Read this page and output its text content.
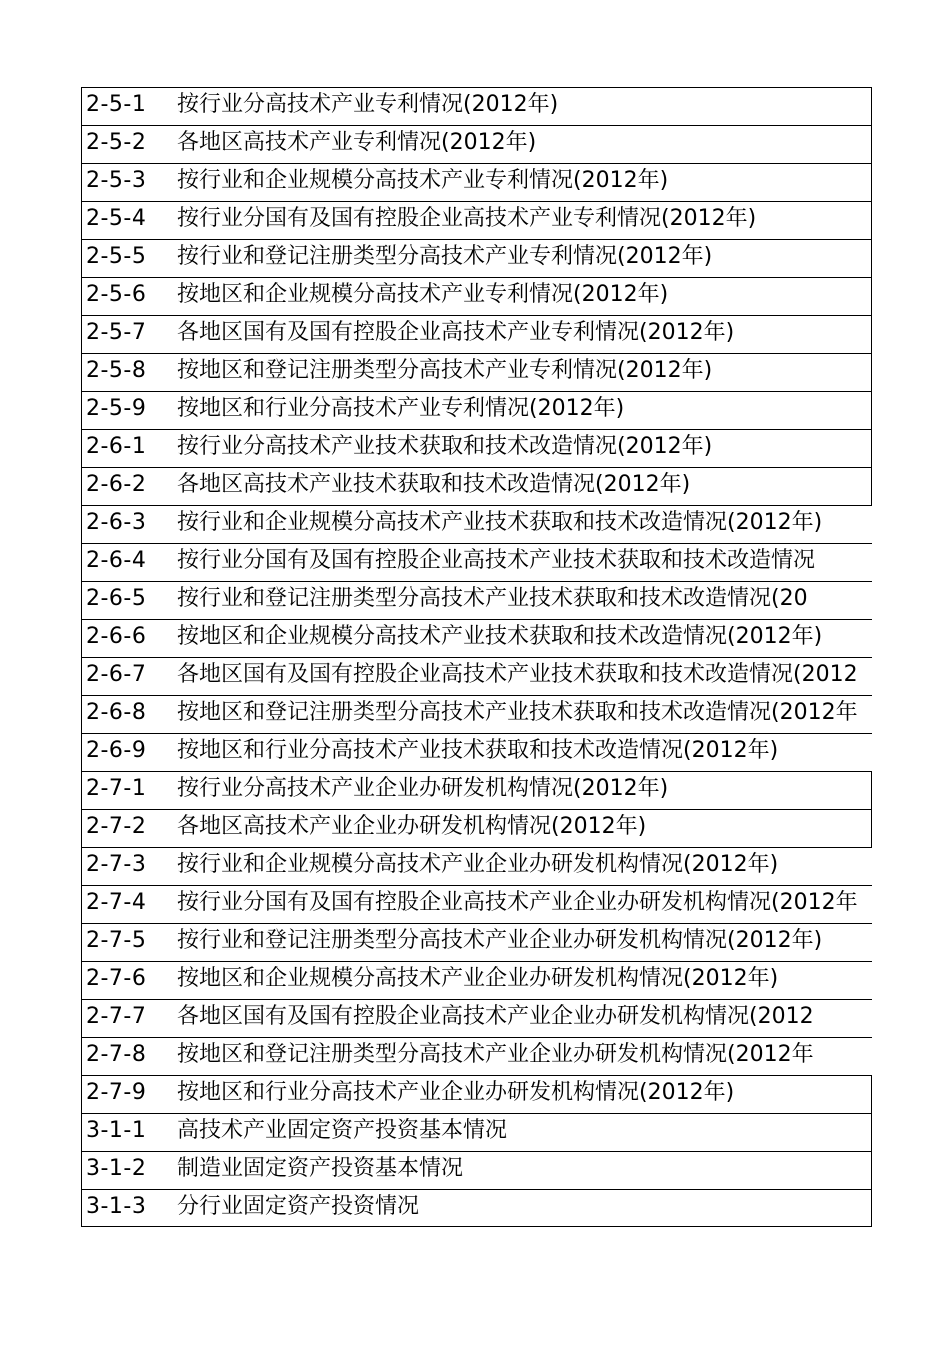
2-5-1 按行业分高技术产业专利情况(2012年)
2-5-2 各地区高技术产业专利情况(2012年)
2-5-3 按行业和企业规模分高技术产业专利情况(2012年)
2-5-4 按行业分国有及国有控股企业高技术产业专利情况(2012年)
2-5-5 按行业和登记注册类型分高技术产业专利情况(2012年)
2-5-6 按地区和企业规模分高技术产业专利情况(2012年)
2-5-7 各地区国有及国有控股企业高技术产业专利情况(2012年)
2-5-8 按地区和登记注册类型分高技术产业专利情况(2012年)
2-5-9 按地区和行业分高技术产业专利情况(2012年)
2-6-1 按行业分高技术产业技术获取和技术改造情况(2012年)
2-6-2 各地区高技术产业技术获取和技术改造情况(2012年)
2-6-3 按行业和企业规模分高技术产业技术获取和技术改造情况(2012年)
2-6-4 按行业分国有及国有控股企业高技术产业技术获取和技术改造情况
2-6-5 按行业和登记注册类型分高技术产业技术获取和技术改造情况(20
2-6-6 按地区和企业规模分高技术产业技术获取和技术改造情况(2012年)
2-6-7 各地区国有及国有控股企业高技术产业技术获取和技术改造情况(2012
2-6-8 按地区和登记注册类型分高技术产业技术获取和技术改造情况(2012年
2-6-9 按地区和行业分高技术产业技术获取和技术改造情况(2012年)
2-7-1 按行业分高技术产业企业办研发机构情况(2012年)
2-7-2 各地区高技术产业企业办研发机构情况(2012年)
2-7-3 按行业和企业规模分高技术产业企业办研发机构情况(2012年)
2-7-4 按行业分国有及国有控股企业高技术产业企业办研发机构情况(2012年
2-7-5 按行业和登记注册类型分高技术产业企业办研发机构情况(2012年)
2-7-6 按地区和企业规模分高技术产业企业办研发机构情况(2012年)
2-7-7 各地区国有及国有控股企业高技术产业企业办研发机构情况(2012
2-7-8 按地区和登记注册类型分高技术产业企业办研发机构情况(2012年
2-7-9 按地区和行业分高技术产业企业办研发机构情况(2012年)
3-1-1 高技术产业固定资产投资基本情况
3-1-2 制造业固定资产投资基本情况
3-1-3 分行业固定资产投资情况
